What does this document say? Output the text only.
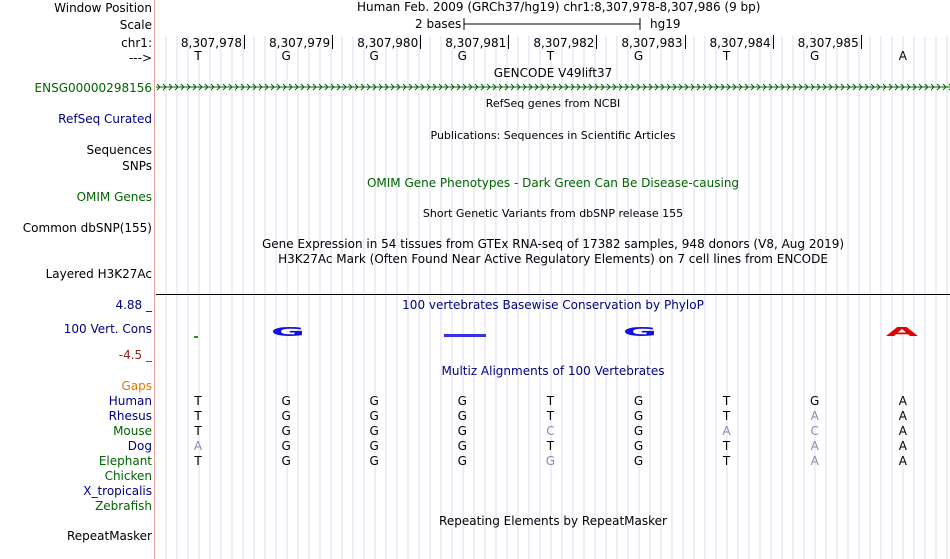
Window Position	Human Feb. 2009 (GRCh37/hg19) chr1:8,307,978-8,307,986 (9 bp)
Scale	2 bases	hg19
chr1: 8,307,978 8,307,979 8,307,980 8,307,981 8,307,982 8,307,983 8,307,984 8,307,985
--->	T	G	G	G	T	G	T	G	A
GENCODE V49lift37
ENSG00000298156
RefSeq genes from NCBI
RefSeq Curated
Publications: Sequences in Scientific Articles
Sequences
SNPs
OMIM Gene Phenotypes - Dark Green Can Be Disease-causing
OMIM Genes
Short Genetic Variants from dbSNP release 155
Common dbSNP(155)
Gene Expression in 54 tissues from GTEx RNA-seq of 17382 samples, 948 donors (V8, Aug 2019)
H3K27Ac Mark (Often Found Near Active Regulatory Elements) on 7 cell lines from ENCODE
Layered H3K27Ac
4.88 _	100 vertebrates Basewise Conservation by PhyloP
100 Vert. Cons
-4.5 _
G	G	A
Multiz Alignments of 100 Vertebrates
Gaps
Human	T	G	G	G	T	G	T	G	A
Rhesus	T	G	G	G	T	G	T	A	A
Mouse	T	G	G	G	C	G	A	C	A
Dog	A	G	G	G	T	G	T	A	A
Elephant	T	G	G	G	G	G	T	A	A
Chicken
X_tropicalis
Zebrafish
Repeating Elements by RepeatMasker
RepeatMasker
